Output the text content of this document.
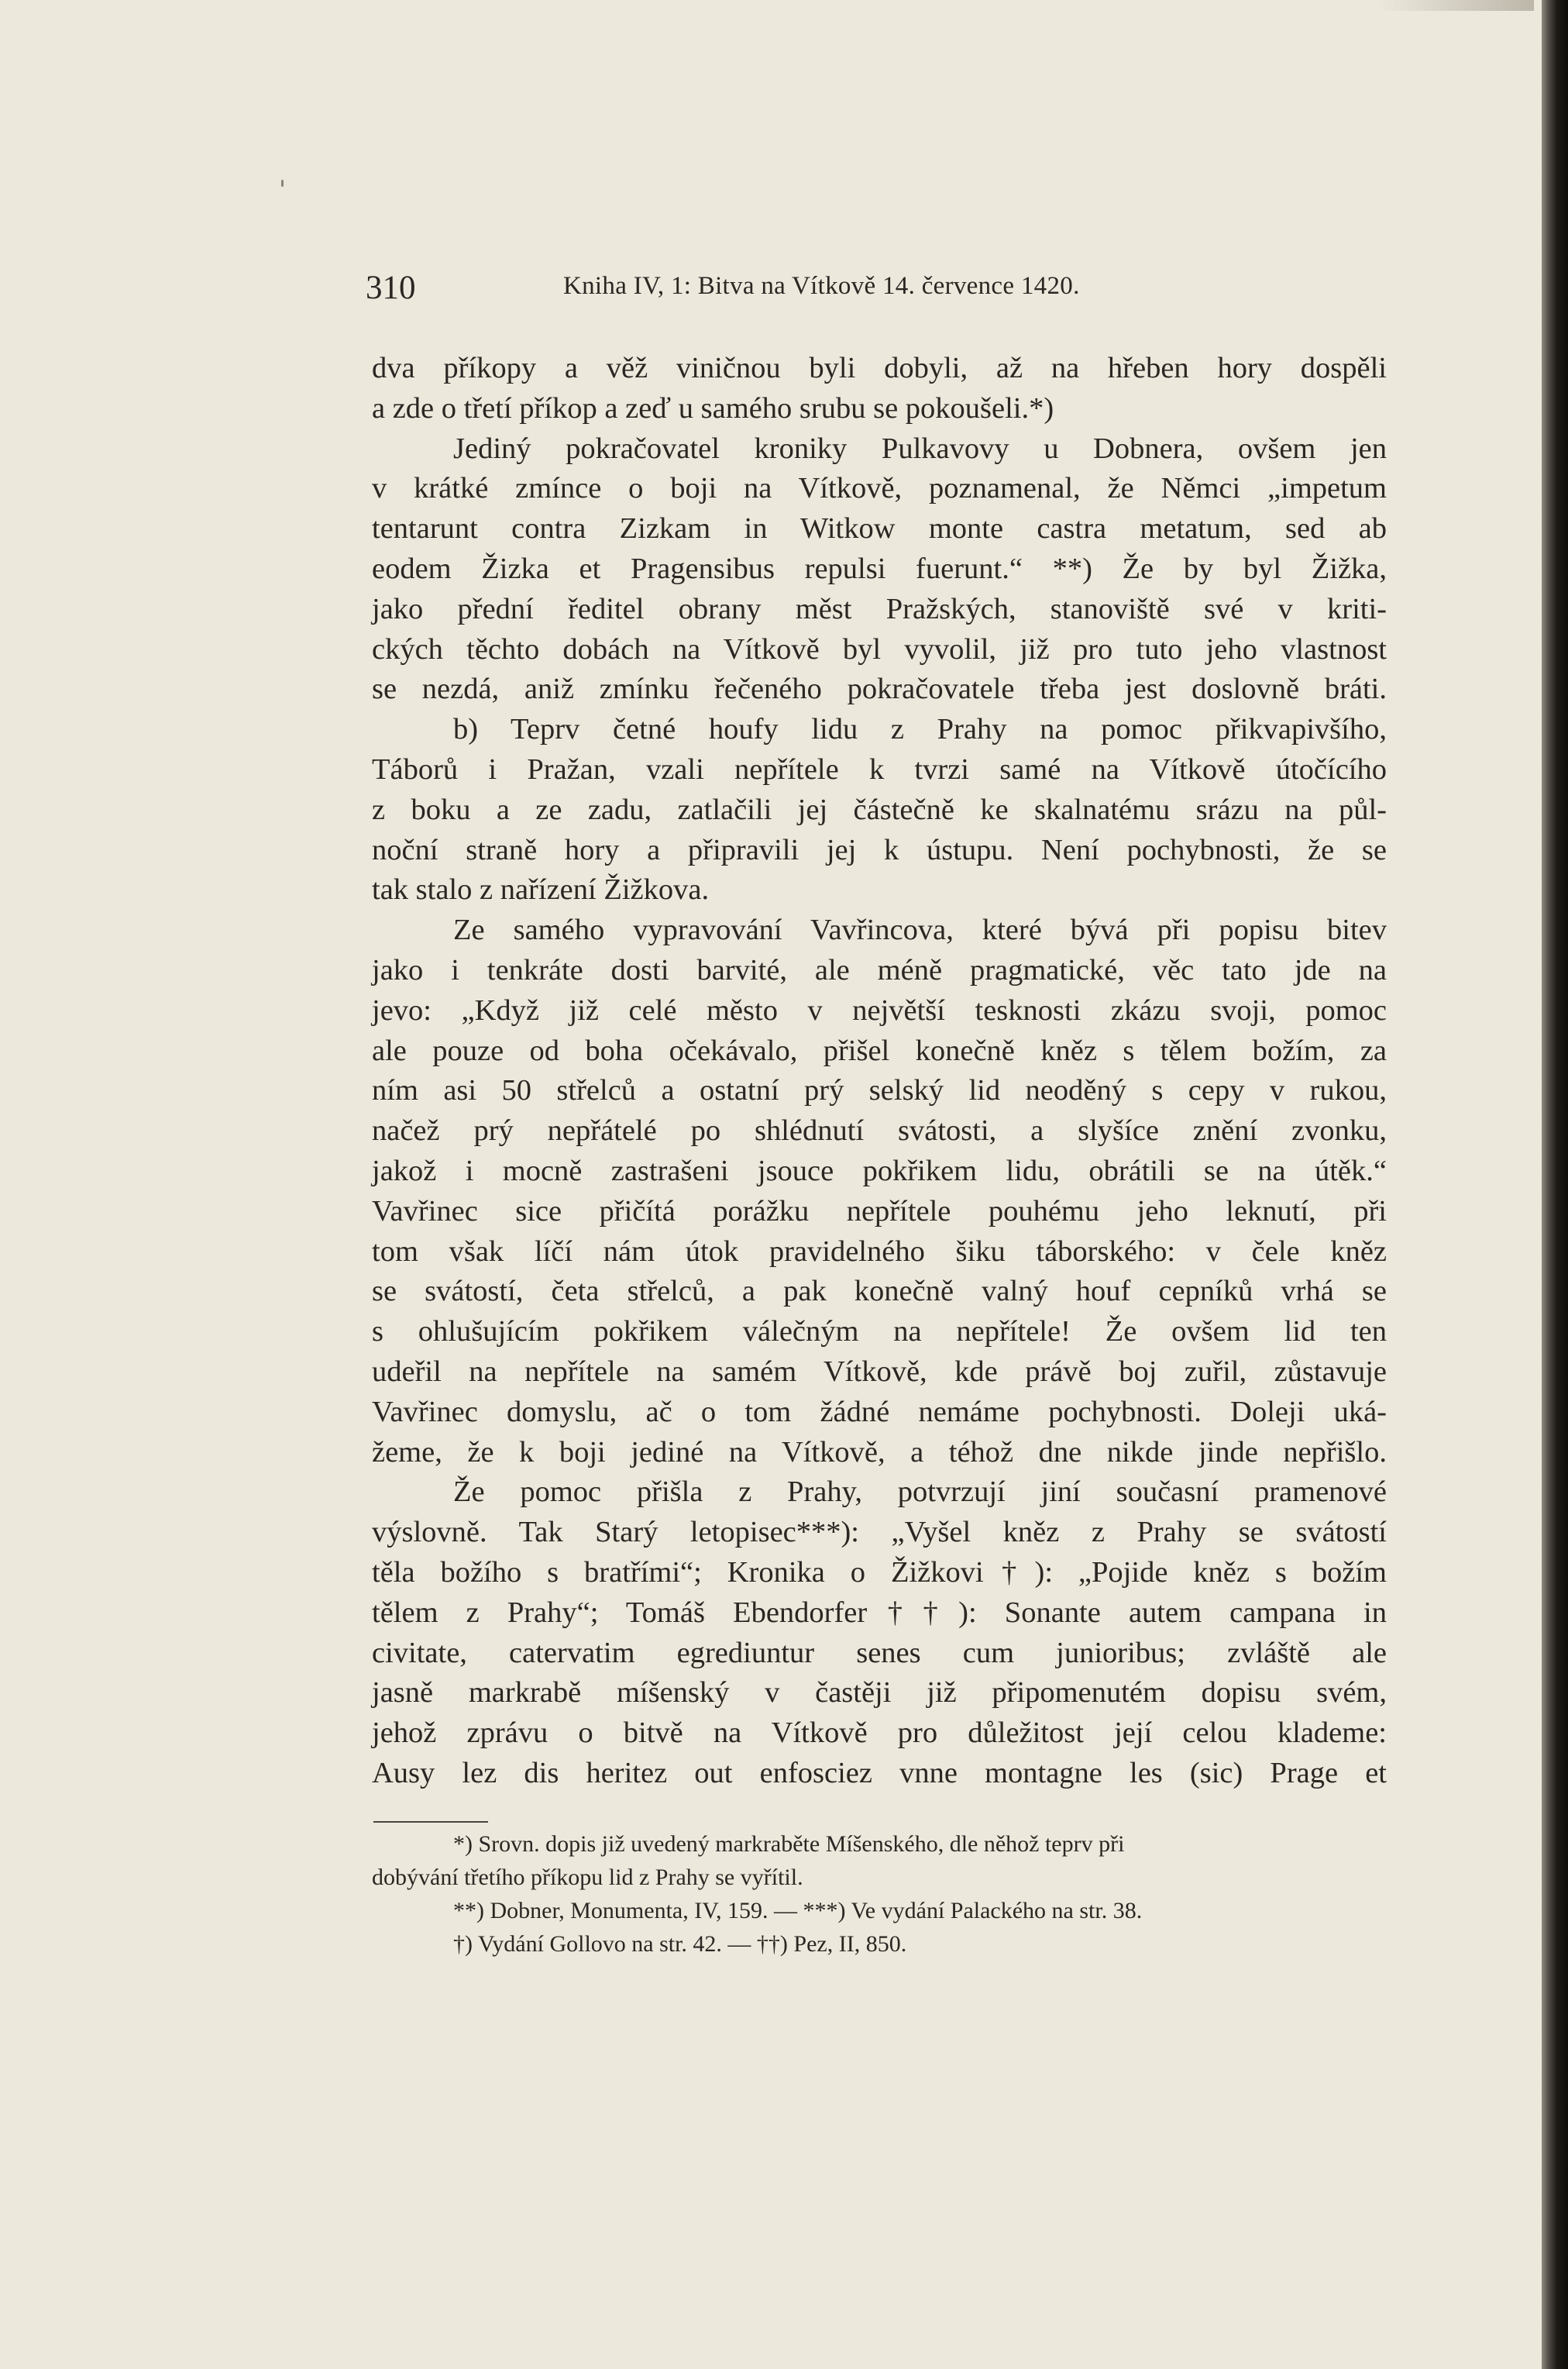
310	Kniha IV, 1: Bitva na Vítkově 14. července 1420.
dva příkopy a věž viničnou byli dobyli, až na hřeben hory dospěli
a zde o třetí příkop a zeď u samého srubu se pokoušeli.*)
Jediný pokračovatel kroniky Pulkavovy u Dobnera, ovšem jen
v krátké zmínce o boji na Vítkově, poznamenal, že Němci „impetum
tentarunt contra Zizkam in Witkow monte castra metatum, sed ab
eodem Žizka et Pragensibus repulsi fuerunt.“ **) Že by byl Žižka,
jako přední ředitel obrany měst Pražských, stanoviště své v kriti-
ckých těchto dobách na Vítkově byl vyvolil, již pro tuto jeho vlastnost
se nezdá, aniž zmínku řečeného pokračovatele třeba jest doslovně bráti.
b) Teprv četné houfy lidu z Prahy na pomoc přikvapivšího,
Táborů i Pražan, vzali nepřítele k tvrzi samé na Vítkově útočícího
z boku a ze zadu, zatlačili jej částečně ke skalnatému srázu na půl-
noční straně hory a připravili jej k ústupu. Není pochybnosti, že se
tak stalo z nařízení Žižkova.
Ze samého vypravování Vavřincova, které bývá při popisu bitev
jako i tenkráte dosti barvité, ale méně pragmatické, věc tato jde na
jevo: „Když již celé město v největší tesknosti zkázu svoji, pomoc
ale pouze od boha očekávalo, přišel konečně kněz s tělem božím, za
ním asi 50 střelců a ostatní prý selský lid neoděný s cepy v rukou,
načež prý nepřátelé po shlédnutí svátosti, a slyšíce znění zvonku,
jakož i mocně zastrašeni jsouce pokřikem lidu, obrátili se na útěk.“
Vavřinec sice přičítá porážku nepřítele pouhému jeho leknutí, při
tom však líčí nám útok pravidelného šiku táborského: v čele kněz
se svátostí, četa střelců, a pak konečně valný houf cepníků vrhá se
s ohlušujícím pokřikem válečným na nepřítele! Že ovšem lid ten
udeřil na nepřítele na samém Vítkově, kde právě boj zuřil, zůstavuje
Vavřinec domyslu, ač o tom žádné nemáme pochybnosti. Doleji uká-
žeme, že k boji jediné na Vítkově, a téhož dne nikde jinde nepřišlo.
Že pomoc přišla z Prahy, potvrzují jiní současní pramenové
výslovně. Tak Starý letopisec***): „Vyšel kněz z Prahy se svátostí
těla božího s bratřími“; Kronika o Žižkovi†): „Pojide kněz s božím
tělem z Prahy“; Tomáš Ebendorfer††): Sonante autem campana in
civitate, catervatim egrediuntur senes cum junioribus; zvláště ale
jasně markrabě míšenský v častěji již připomenutém dopisu svém,
jehož zprávu o bitvě na Vítkově pro důležitost její celou klademe:
Ausy lez dis heritez out enfosciez vnne montagne les (sic) Prage et
*) Srovn. dopis již uvedený markraběte Míšenského, dle něhož teprv při
dobývání třetího příkopu lid z Prahy se vyřítil.
**) Dobner, Monumenta, IV, 159. — ***) Ve vydání Palackého na str. 38.
†) Vydání Gollovo na str. 42. — ††) Pez, II, 850.
